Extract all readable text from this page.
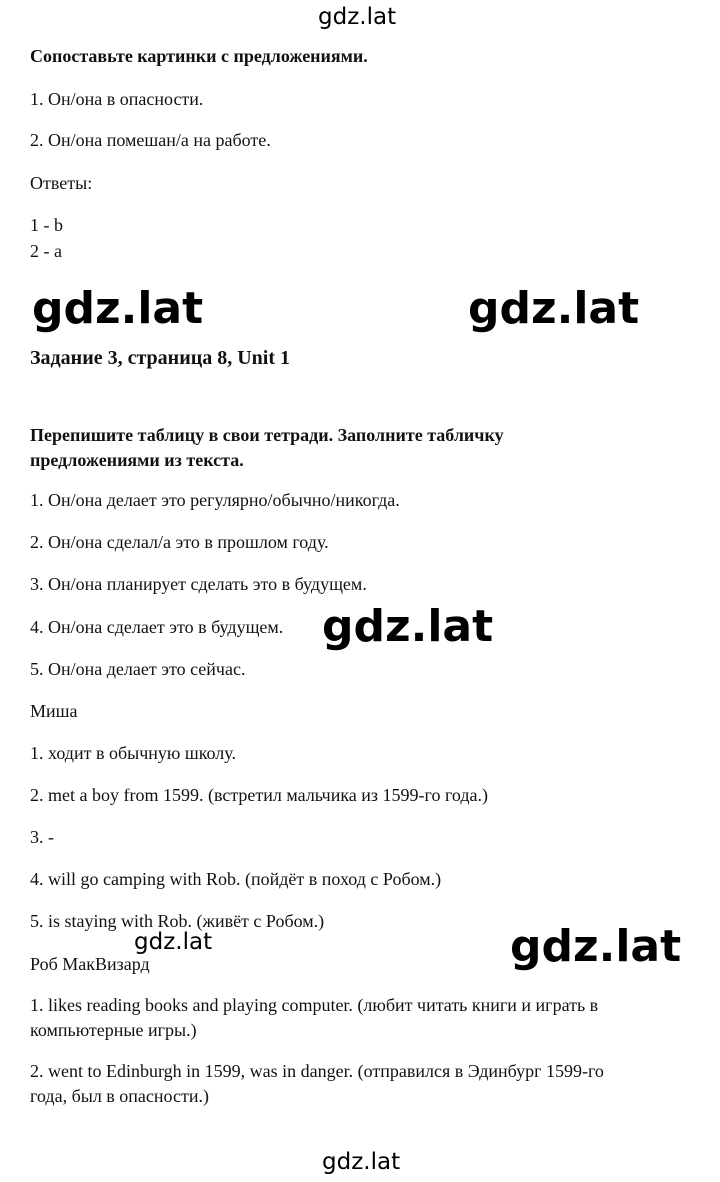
gdz.lat
gdz.lat	gdz.lat
gdz.lat
gdz.lat	gdz.lat
gdz.lat
Сопоставьте картинки с предложениями.
1. Он/она в опасности.
2. Он/она помешан/а на работе.
Ответы:
1 - b
2 - a
Задание 3, страница 8, Unit 1
Перепишите таблицу в свои тетради. Заполните табличку
предложениями из текста.
1. Он/она делает это регулярно/обычно/никогда.
2. Он/она сделал/а это в прошлом году.
3. Он/она планирует сделать это в будущем.
4. Он/она сделает это в будущем.
5. Он/она делает это сейчас.
Миша
1. ходит в обычную школу.
2. met a boy from 1599. (встретил мальчика из 1599-го года.)
3. -
4. will go camping with Rob. (пойдёт в поход с Робом.)
5. is staying with Rob. (живёт с Робом.)
Роб МакВизард
1. likes reading books and playing computer. (любит читать книги и играть в
компьютерные игры.)
2. went to Edinburgh in 1599, was in danger. (отправился в Эдинбург 1599-го
года, был в опасности.)
